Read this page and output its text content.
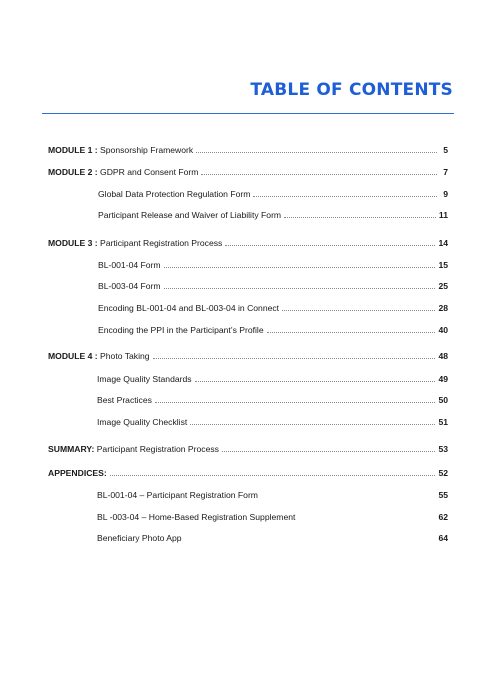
TABLE OF CONTENTS
MODULE 1 : Sponsorship Framework	5
MODULE 2 : GDPR and Consent Form	7
Global Data Protection Regulation Form	9
Participant Release and Waiver of Liability Form	11
MODULE 3 : Participant Registration Process	14
BL-001-04 Form	15
BL-003-04 Form	25
Encoding BL-001-04 and BL-003-04 in Connect	28
Encoding the PPI in the Participant’s Profile	40
MODULE 4 : Photo Taking	48
Image Quality Standards	49
Best Practices	50
Image Quality Checklist	51
SUMMARY: Participant Registration Process	53
APPENDICES:	52
BL-001-04 – Participant Registration Form	55
BL -003-04 – Home-Based Registration Supplement	62
Beneficiary Photo App	64
